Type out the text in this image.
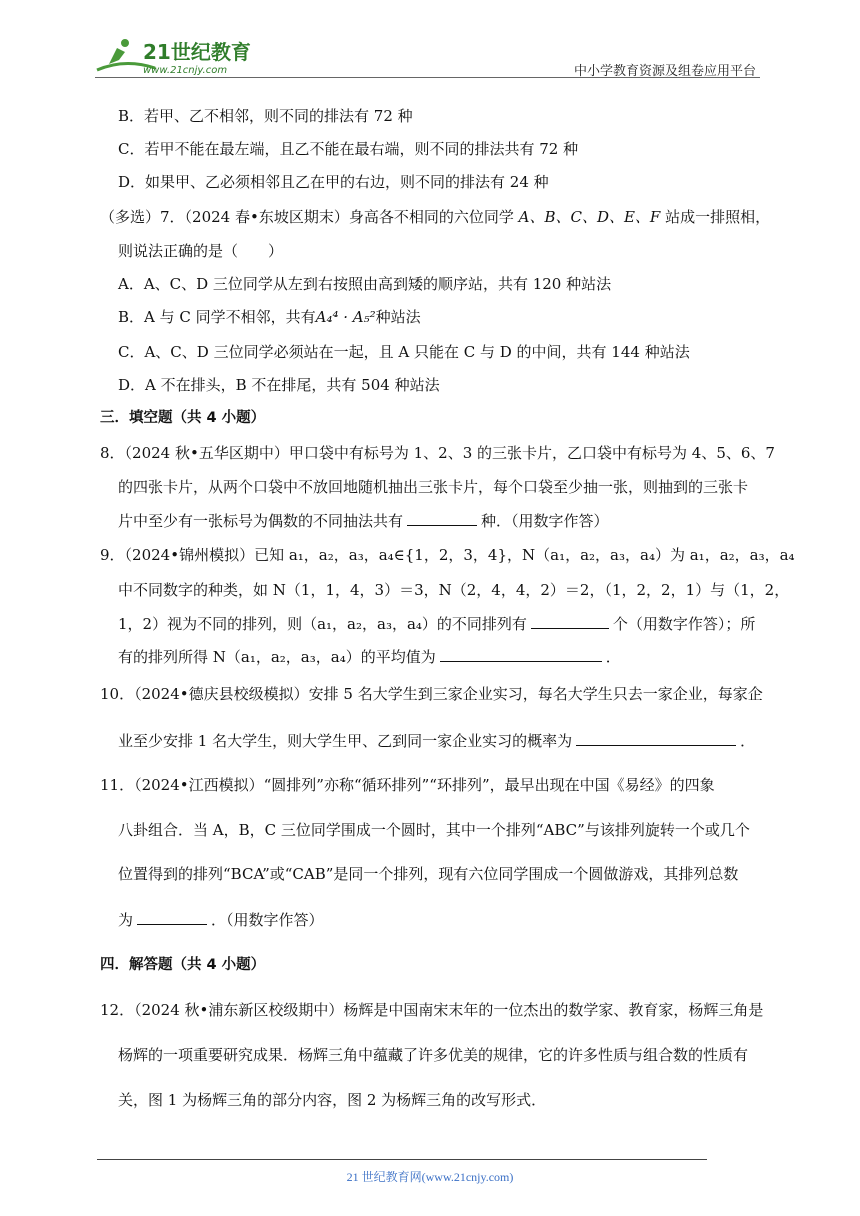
21世纪教育
www.21cnjy.com	中小学教育资源及组卷应用平台
B．若甲、乙不相邻，则不同的排法有 72 种
C．若甲不能在最左端，且乙不能在最右端，则不同的排法共有 72 种
D．如果甲、乙必须相邻且乙在甲的右边，则不同的排法有 24 种
（多选）7．（2024 春•东坡区期末）身高各不相同的六位同学 A、B、C、D、E、F 站成一排照相，
则说法正确的是（　　）
A．A、C、D 三位同学从左到右按照由高到矮的顺序站，共有 120 种站法
B．A 与 C 同学不相邻，共有A₄⁴ · A₅²种站法
C．A、C、D 三位同学必须站在一起，且 A 只能在 C 与 D 的中间，共有 144 种站法
D．A 不在排头，B 不在排尾，共有 504 种站法
三．填空题（共 4 小题）
8．（2024 秋•五华区期中）甲口袋中有标号为 1、2、3 的三张卡片，乙口袋中有标号为 4、5、6、7
的四张卡片，从两个口袋中不放回地随机抽出三张卡片，每个口袋至少抽一张，则抽到的三张卡
片中至少有一张标号为偶数的不同抽法共有	种．（用数字作答）
9．（2024•锦州模拟）已知 a₁，a₂，a₃，a₄∈{1，2，3，4}，N（a₁，a₂，a₃，a₄）为 a₁，a₂，a₃，a₄
中不同数字的种类，如 N（1，1，4，3）＝3，N（2，4，4，2）＝2，（1，2，2，1）与（1，2，
1，2）视为不同的排列，则（a₁，a₂，a₃，a₄）的不同排列有	个（用数字作答）；所
有的排列所得 N（a₁，a₂，a₃，a₄）的平均值为	．
10．（2024•德庆县校级模拟）安排 5 名大学生到三家企业实习，每名大学生只去一家企业，每家企
业至少安排 1 名大学生，则大学生甲、乙到同一家企业实习的概率为	．
11．（2024•江西模拟）“圆排列”亦称“循环排列”“环排列”，最早出现在中国《易经》的四象
八卦组合．当 A，B，C 三位同学围成一个圆时，其中一个排列“ABC”与该排列旋转一个或几个
位置得到的排列“BCA”或“CAB”是同一个排列，现有六位同学围成一个圆做游戏，其排列总数
为	．（用数字作答）
四．解答题（共 4 小题）
12．（2024 秋•浦东新区校级期中）杨辉是中国南宋末年的一位杰出的数学家、教育家，杨辉三角是
杨辉的一项重要研究成果．杨辉三角中蕴藏了许多优美的规律，它的许多性质与组合数的性质有
关，图 1 为杨辉三角的部分内容，图 2 为杨辉三角的改写形式．
21 世纪教育网(www.21cnjy.com)
